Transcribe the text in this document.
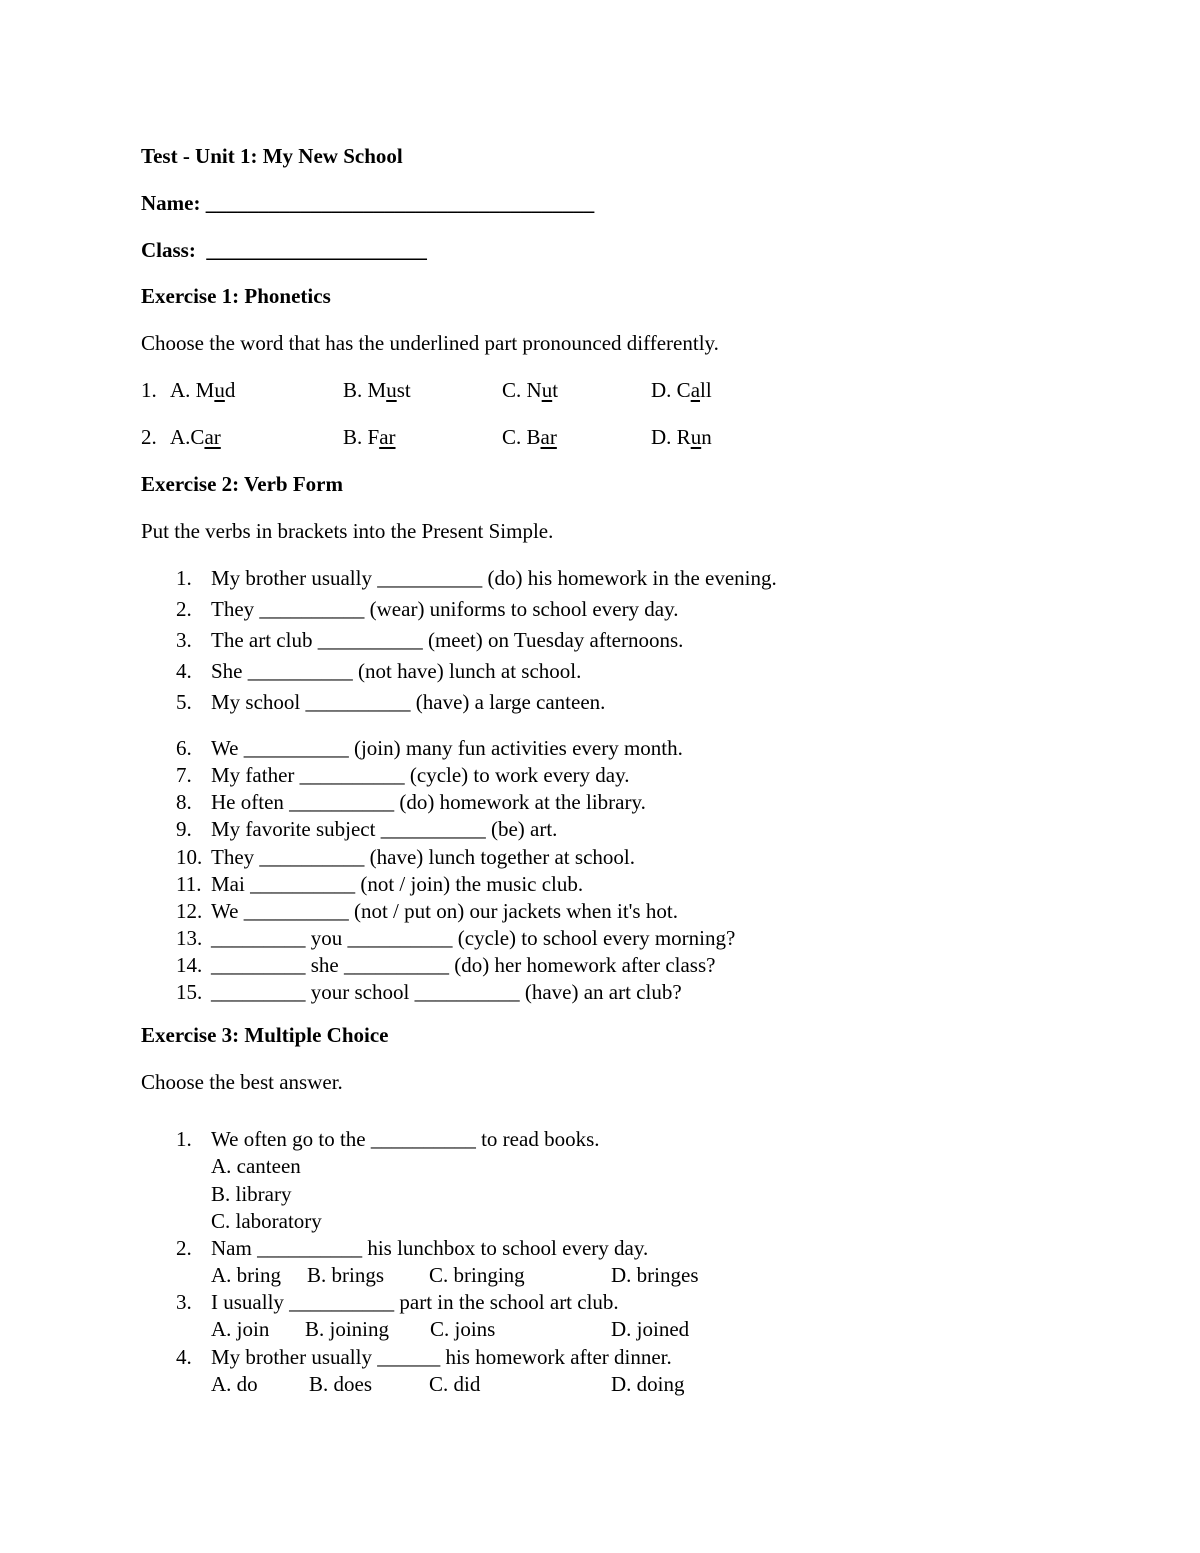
Test - Unit 1: My New School
Name: _____________________________________
Class:  _____________________
Exercise 1: Phonetics
Choose the word that has the underlined part pronounced differently.
1. A. Mud	B. Must	C. Nut	D. Call
2. A.Car	B. Far	C. Bar	D. Run
Exercise 2: Verb Form
Put the verbs in brackets into the Present Simple.
1. My brother usually __________ (do) his homework in the evening.
2. They __________ (wear) uniforms to school every day.
3. The art club __________ (meet) on Tuesday afternoons.
4. She __________ (not have) lunch at school.
5. My school __________ (have) a large canteen.
6. We __________ (join) many fun activities every month.
7. My father __________ (cycle) to work every day.
8. He often __________ (do) homework at the library.
9. My favorite subject __________ (be) art.
10. They __________ (have) lunch together at school.
11. Mai __________ (not / join) the music club.
12. We __________ (not / put on) our jackets when it's hot.
13. _________ you __________ (cycle) to school every morning?
14. _________ she __________ (do) her homework after class?
15. _________ your school __________ (have) an art club?
Exercise 3: Multiple Choice
Choose the best answer.
1. We often go to the __________ to read books.
A. canteen
B. library
C. laboratory
2. Nam __________ his lunchbox to school every day.
A. bring B. brings C. bringing	D. bringes
3. I usually __________ part in the school art club.
A. join B. joining C. joins	D. joined
4. My brother usually ______ his homework after dinner.
A. do B. does	C. did	D. doing
